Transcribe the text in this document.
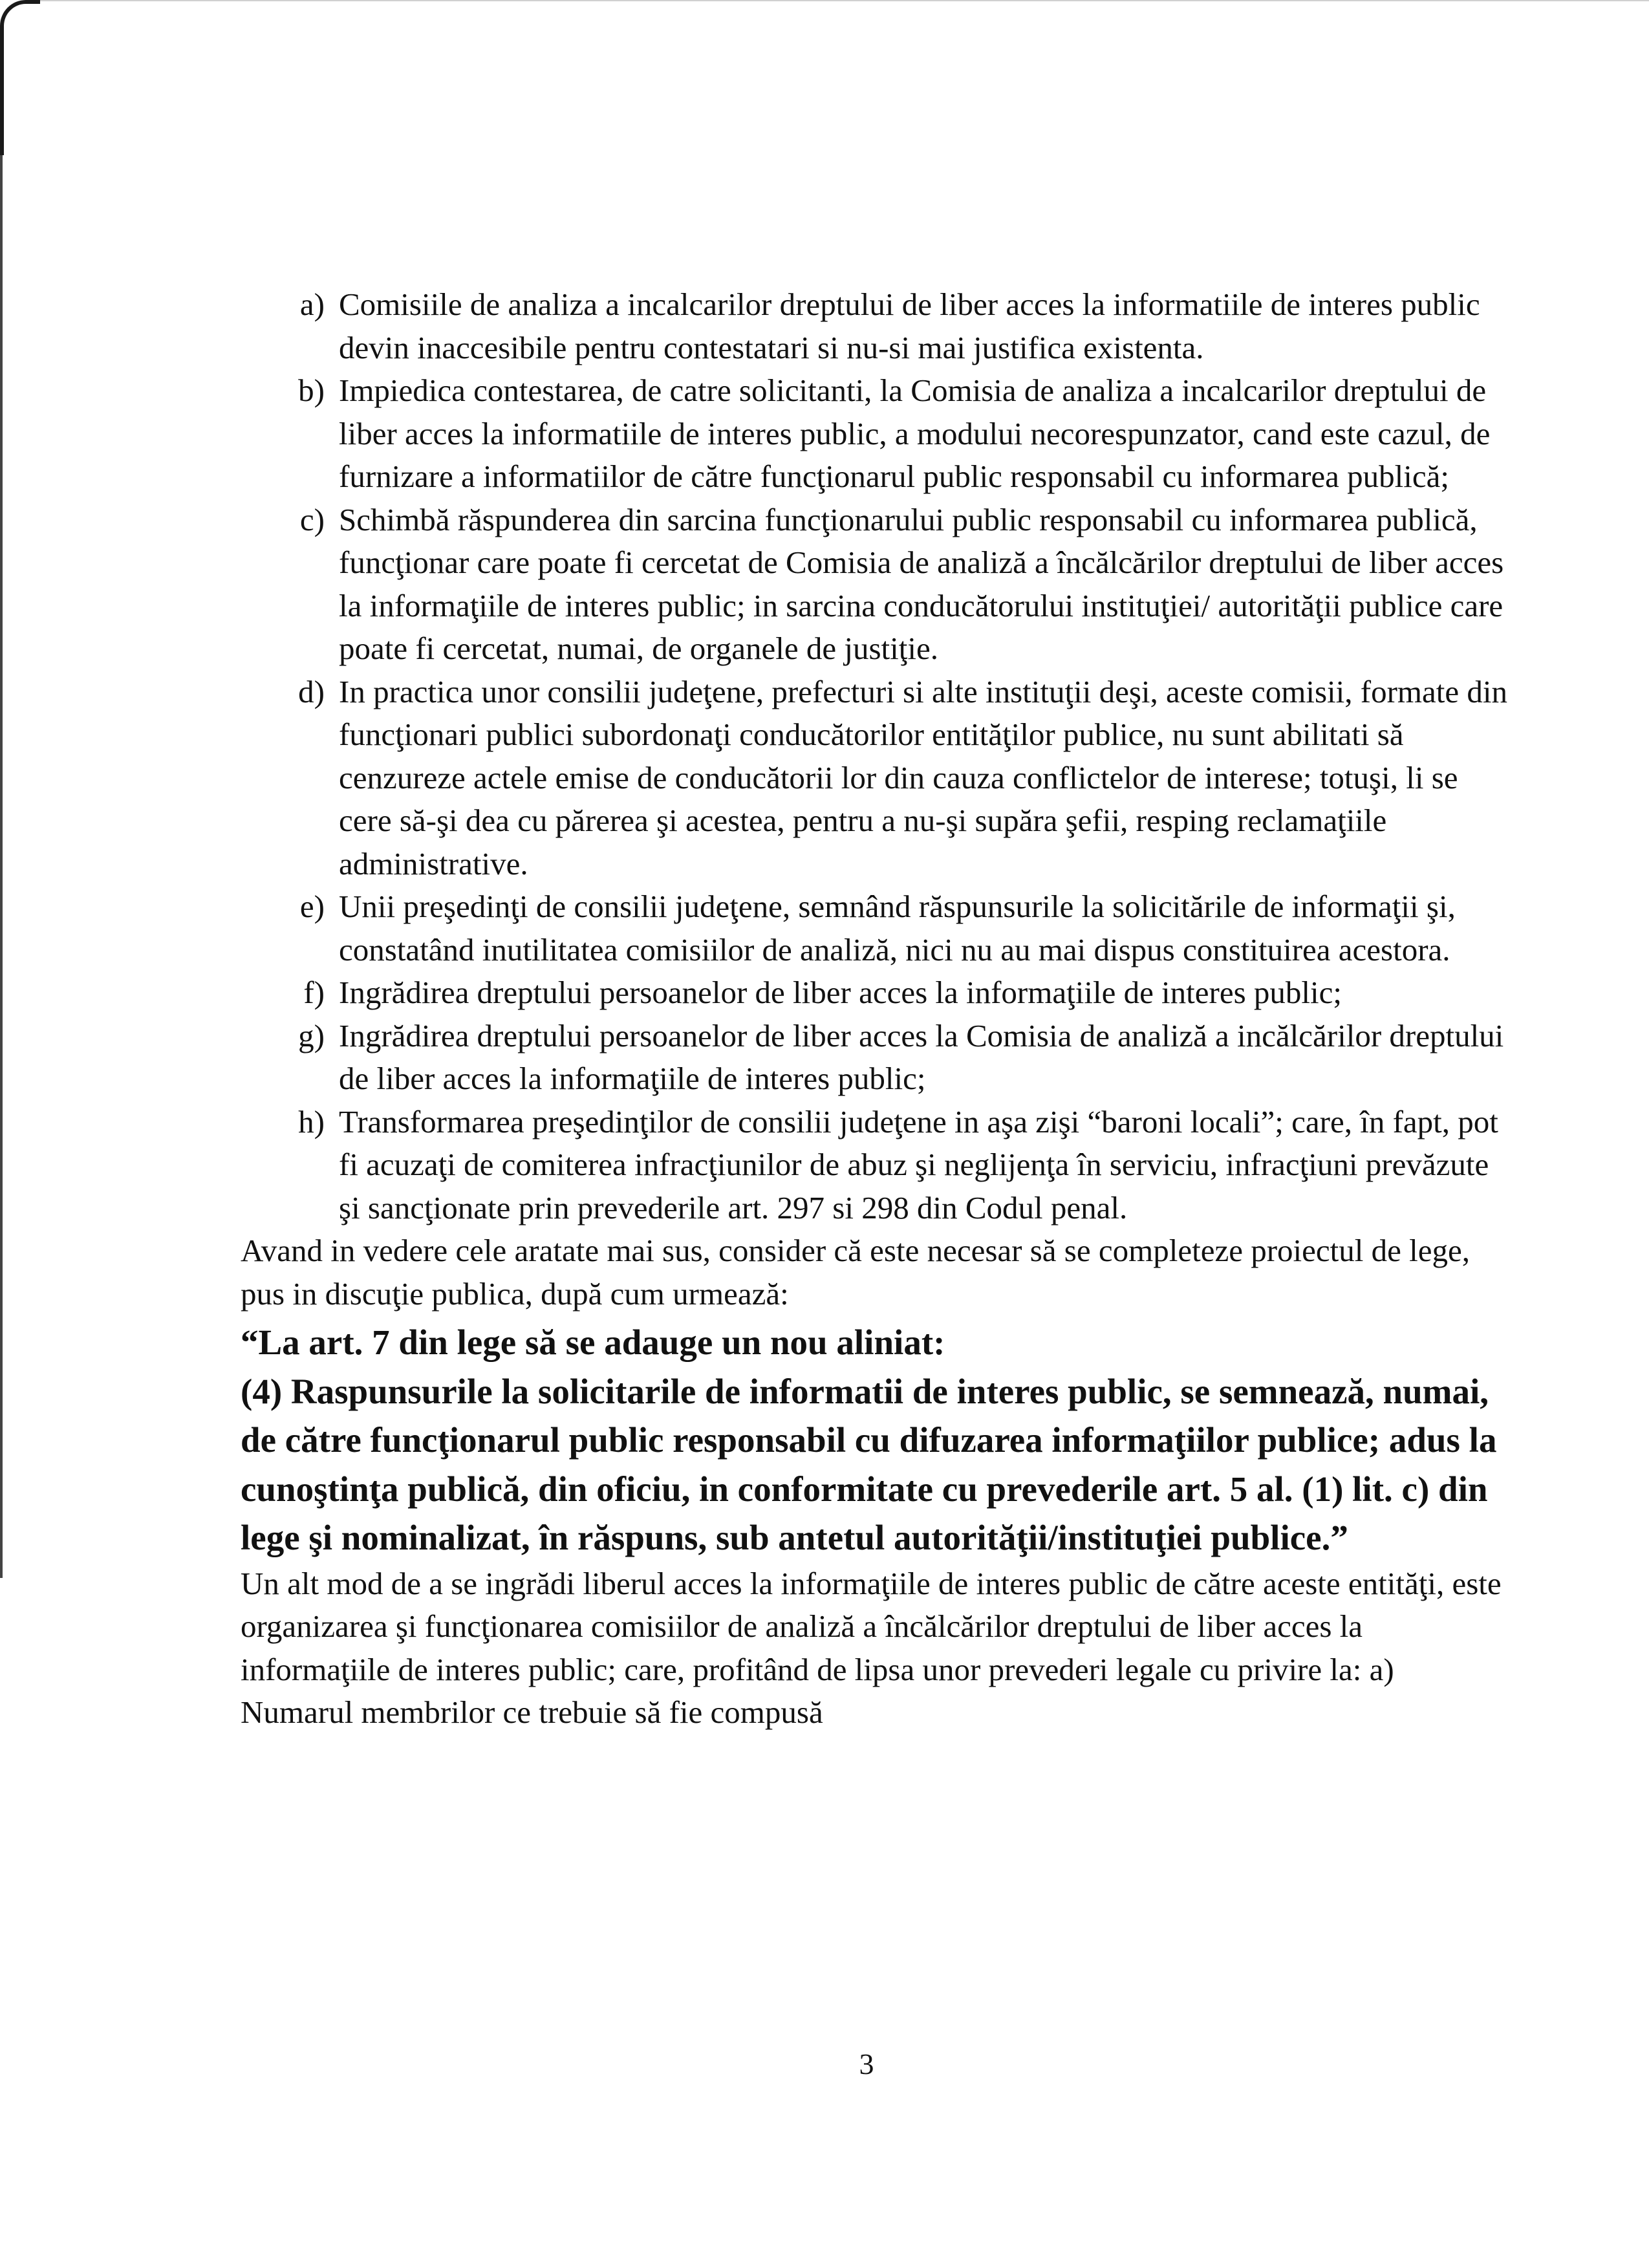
a) Comisiile de analiza a incalcarilor dreptului de liber acces la informatiile de interes public devin inaccesibile pentru contestatari si nu-si mai justifica existenta.
b) Impiedica contestarea, de catre solicitanti, la Comisia de analiza a incalcarilor dreptului de liber acces la informatiile de interes public, a modului necorespunzator, cand este cazul, de furnizare a informatiilor de către funcţionarul public responsabil cu informarea publică;
c) Schimbă răspunderea din sarcina funcţionarului public responsabil cu informarea publică, funcţionar care poate fi cercetat de Comisia de analiză a încălcărilor dreptului de liber acces la informaţiile de interes public; in sarcina conducătorului instituţiei/ autorităţii publice care poate fi cercetat, numai, de organele de justiţie.
d) In practica unor consilii judeţene, prefecturi si alte instituţii deşi, aceste comisii, formate din funcţionari publici subordonaţi conducătorilor entităţilor publice, nu sunt abilitati să cenzureze actele emise de conducătorii lor din cauza conflictelor de interese; totuşi, li se cere să-şi dea cu părerea şi acestea, pentru a nu-şi supăra şefii, resping reclamaţiile administrative.
e) Unii preşedinţi de consilii judeţene, semnând răspunsurile la solicitările de informaţii şi, constatând inutilitatea comisiilor de analiză, nici nu au mai dispus constituirea acestora.
f) Ingrădirea dreptului persoanelor de liber acces la informaţiile de interes public;
g) Ingrădirea dreptului persoanelor de liber acces la Comisia de analiză a incălcărilor dreptului de liber acces la informaţiile de interes public;
h) Transformarea preşedinţilor de consilii judeţene in aşa zişi “baroni locali”; care, în fapt, pot fi acuzaţi de comiterea infracţiunilor de abuz şi neglijenţa în serviciu, infracţiuni prevăzute şi sancţionate prin prevederile art. 297 si 298 din Codul penal.

Avand in vedere cele aratate mai sus, consider că este necesar să se completeze proiectul de lege, pus in discuţie publica, după cum urmează:

“La art. 7 din lege să se adauge un nou aliniat:

(4) Raspunsurile la solicitarile de informatii de interes public, se semnează, numai, de către funcţionarul public responsabil cu difuzarea informaţiilor publice; adus la cunoştinţa publică, din oficiu, in conformitate cu prevederile art. 5 al. (1) lit. c) din lege şi nominalizat, în răspuns, sub antetul autorităţii/instituţiei publice.”

Un alt mod de a se ingrădi liberul acces la informaţiile de interes public de către aceste entităţi, este organizarea şi funcţionarea comisiilor de analiză a încălcărilor dreptului de liber acces la informaţiile de interes public; care, profitând de lipsa unor prevederi legale cu privire la: a) Numarul membrilor ce trebuie să fie compusă

3
